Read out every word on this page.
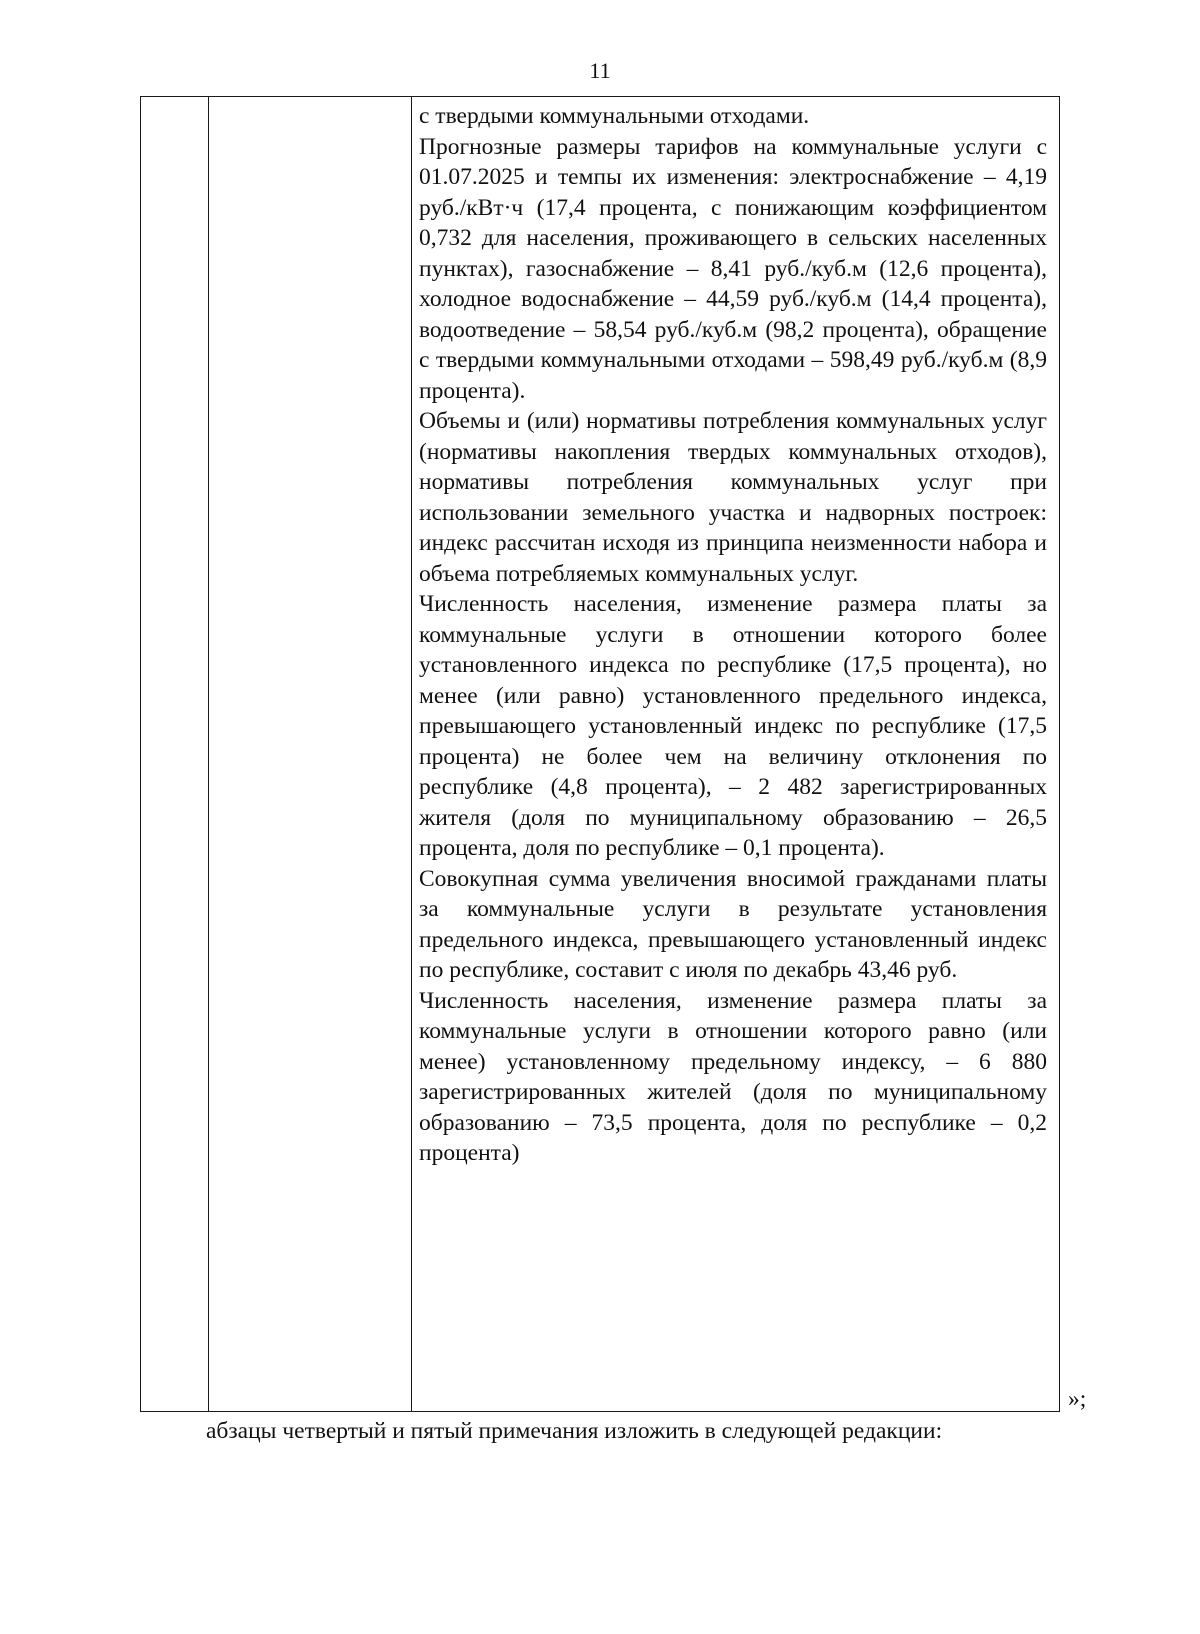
11

с твердыми коммунальными отходами.

Прогнозные размеры тарифов на коммунальные услуги с 01.07.2025 и темпы их изменения: электроснабжение – 4,19 руб./кВт·ч (17,4 процента, с понижающим коэффициентом 0,732 для населения, проживающего в сельских населенных пунктах), газоснабжение – 8,41 руб./куб.м (12,6 процента), холодное водоснабжение – 44,59 руб./куб.м (14,4 процента), водоотведение – 58,54 руб./куб.м (98,2 процента), обращение с твердыми коммунальными отходами – 598,49 руб./куб.м (8,9 процента).

Объемы и (или) нормативы потребления коммунальных услуг (нормативы накопления твердых коммунальных отходов), нормативы потребления коммунальных услуг при использовании земельного участка и надворных построек: индекс рассчитан исходя из принципа неизменности набора и объема потребляемых коммунальных услуг.

Численность населения, изменение размера платы за коммунальные услуги в отношении которого более установленного индекса по республике (17,5 процента), но менее (или равно) установленного предельного индекса, превышающего установленный индекс по республике (17,5 процента) не более чем на величину отклонения по республике (4,8 процента), – 2 482 зарегистрированных жителя (доля по муниципальному образованию – 26,5 процента, доля по республике – 0,1 процента).

Совокупная сумма увеличения вносимой гражданами платы за коммунальные услуги в результате установления предельного индекса, превышающего установленный индекс по республике, составит с июля по декабрь 43,46 руб.

Численность населения, изменение размера платы за коммунальные услуги в отношении которого равно (или менее) установленному предельному индексу, – 6 880 зарегистрированных жителей (доля по муниципальному образованию – 73,5 процента, доля по республике – 0,2 процента)

»;

абзацы четвертый и пятый примечания изложить в следующей редакции:
